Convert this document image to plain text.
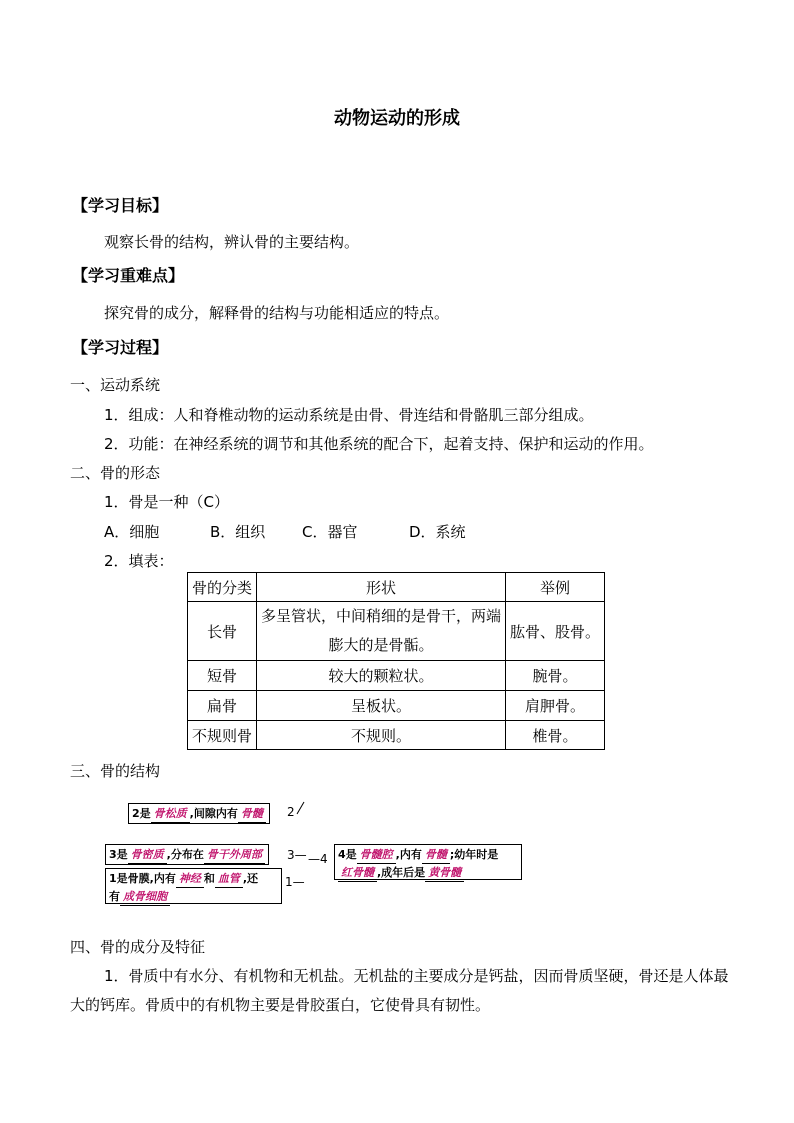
动物运动的形成
【学习目标】
观察长骨的结构，辨认骨的主要结构。
【学习重难点】
探究骨的成分，解释骨的结构与功能相适应的特点。
【学习过程】
一、运动系统
1．组成：人和脊椎动物的运动系统是由骨、骨连结和骨骼肌三部分组成。
2．功能：在神经系统的调节和其他系统的配合下，起着支持、保护和运动的作用。
二、骨的形态
1．骨是一种（C）
A．细胞	B．组织 C．器官	D．系统
2．填表：
骨的分类	形状	举例
长骨	多呈管状，中间稍细的是骨干，两端膨大的是骨骺。	肱骨、股骨。
短骨	较大的颗粒状。	腕骨。
扁骨	呈板状。	肩胛骨。
不规则骨	不规则。	椎骨。
三、骨的结构
2是 骨松质 ,间隙内有 骨髓	2
3是 骨密质 ,分布在 骨干外周部	3— —4 4是 骨髓腔 ,内有 骨髓 ;幼年时是
红骨髓 ,成年后是 黄骨髓
1是骨膜,内有 神经 和 血管 ,还
有 成骨细胞
1—
四、骨的成分及特征
1．骨质中有水分、有机物和无机盐。无机盐的主要成分是钙盐，因而骨质坚硬，骨还是人体最大的钙库。骨质中的有机物主要是骨胶蛋白，它使骨具有韧性。
